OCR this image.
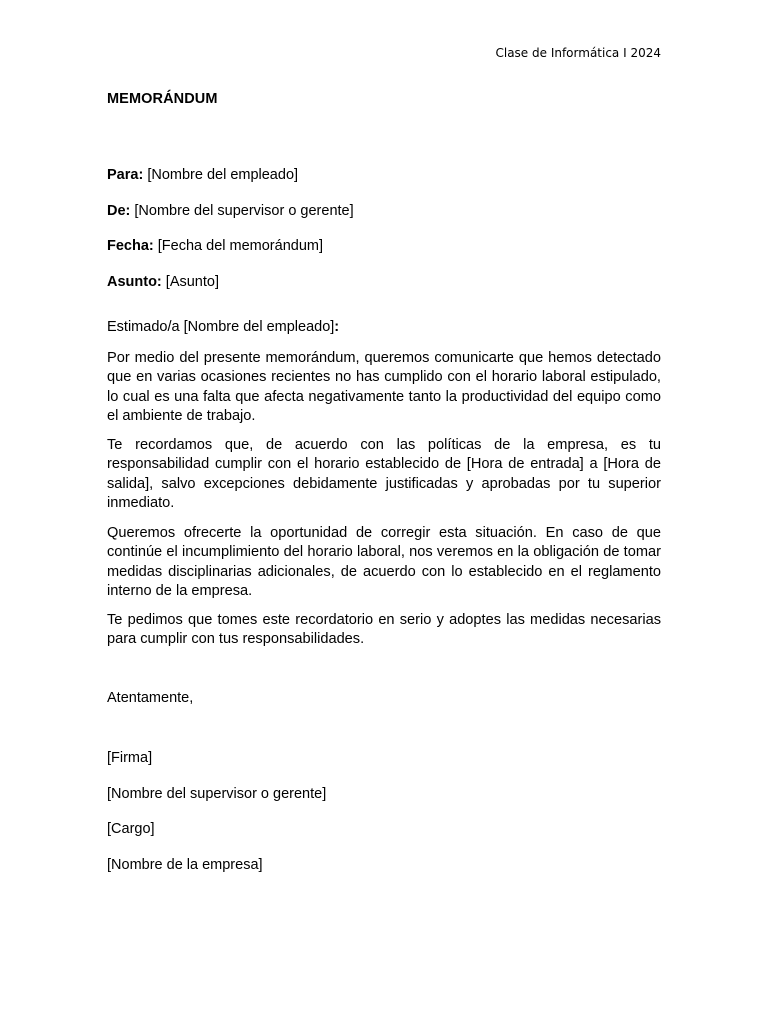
Clase de Informática I 2024
MEMORÁNDUM
Para: [Nombre del empleado]
De: [Nombre del supervisor o gerente]
Fecha: [Fecha del memorándum]
Asunto: [Asunto]
Estimado/a [Nombre del empleado]:
Por medio del presente memorándum, queremos comunicarte que hemos detectado que en varias ocasiones recientes no has cumplido con el horario laboral estipulado, lo cual es una falta que afecta negativamente tanto la productividad del equipo como el ambiente de trabajo.
Te recordamos que, de acuerdo con las políticas de la empresa, es tu responsabilidad cumplir con el horario establecido de [Hora de entrada] a [Hora de salida], salvo excepciones debidamente justificadas y aprobadas por tu superior inmediato.
Queremos ofrecerte la oportunidad de corregir esta situación. En caso de que continúe el incumplimiento del horario laboral, nos veremos en la obligación de tomar medidas disciplinarias adicionales, de acuerdo con lo establecido en el reglamento interno de la empresa.
Te pedimos que tomes este recordatorio en serio y adoptes las medidas necesarias para cumplir con tus responsabilidades.
Atentamente,
[Firma]
[Nombre del supervisor o gerente]
[Cargo]
[Nombre de la empresa]
